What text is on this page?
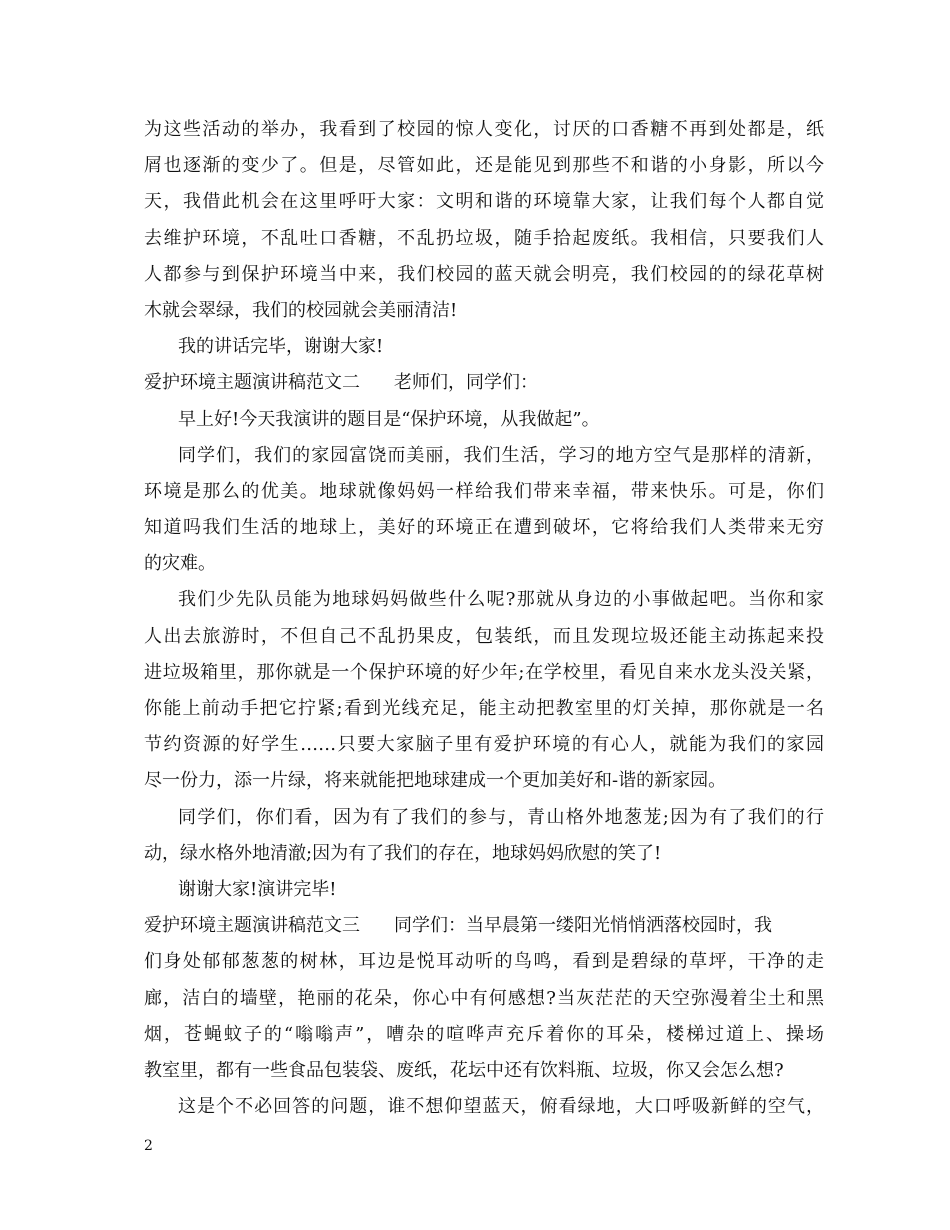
为这些活动的举办，我看到了校园的惊人变化，讨厌的口香糖不再到处都是，纸
屑也逐渐的变少了。但是，尽管如此，还是能见到那些不和谐的小身影，所以今
天，我借此机会在这里呼吁大家：文明和谐的环境靠大家，让我们每个人都自觉
去维护环境，不乱吐口香糖，不乱扔垃圾，随手拾起废纸。我相信，只要我们人
人都参与到保护环境当中来，我们校园的蓝天就会明亮，我们校园的的绿花草树
木就会翠绿，我们的校园就会美丽清洁!
我的讲话完毕，谢谢大家!
爱护环境主题演讲稿范文二 老师们，同学们：
早上好!今天我演讲的题目是“保护环境，从我做起”。
同学们，我们的家园富饶而美丽，我们生活，学习的地方空气是那样的清新，
环境是那么的优美。地球就像妈妈一样给我们带来幸福，带来快乐。可是，你们
知道吗我们生活的地球上，美好的环境正在遭到破坏，它将给我们人类带来无穷
的灾难。
我们少先队员能为地球妈妈做些什么呢?那就从身边的小事做起吧。当你和家
人出去旅游时，不但自己不乱扔果皮，包装纸，而且发现垃圾还能主动拣起来投
进垃圾箱里，那你就是一个保护环境的好少年;在学校里，看见自来水龙头没关紧，
你能上前动手把它拧紧;看到光线充足，能主动把教室里的灯关掉，那你就是一名
节约资源的好学生……只要大家脑子里有爱护环境的有心人，就能为我们的家园
尽一份力，添一片绿，将来就能把地球建成一个更加美好和-谐的新家园。
同学们，你们看，因为有了我们的参与，青山格外地葱茏;因为有了我们的行
动，绿水格外地清澈;因为有了我们的存在，地球妈妈欣慰的笑了!
谢谢大家!演讲完毕!
爱护环境主题演讲稿范文三 同学们：当早晨第一缕阳光悄悄洒落校园时，我
们身处郁郁葱葱的树林，耳边是悦耳动听的鸟鸣，看到是碧绿的草坪，干净的走
廊，洁白的墙壁，艳丽的花朵，你心中有何感想?当灰茫茫的天空弥漫着尘土和黑
烟，苍蝇蚊子的“嗡嗡声”，嘈杂的喧哗声充斥着你的耳朵，楼梯过道上、操场
教室里，都有一些食品包装袋、废纸，花坛中还有饮料瓶、垃圾，你又会怎么想?
这是个不必回答的问题，谁不想仰望蓝天，俯看绿地，大口呼吸新鲜的空气，
2
